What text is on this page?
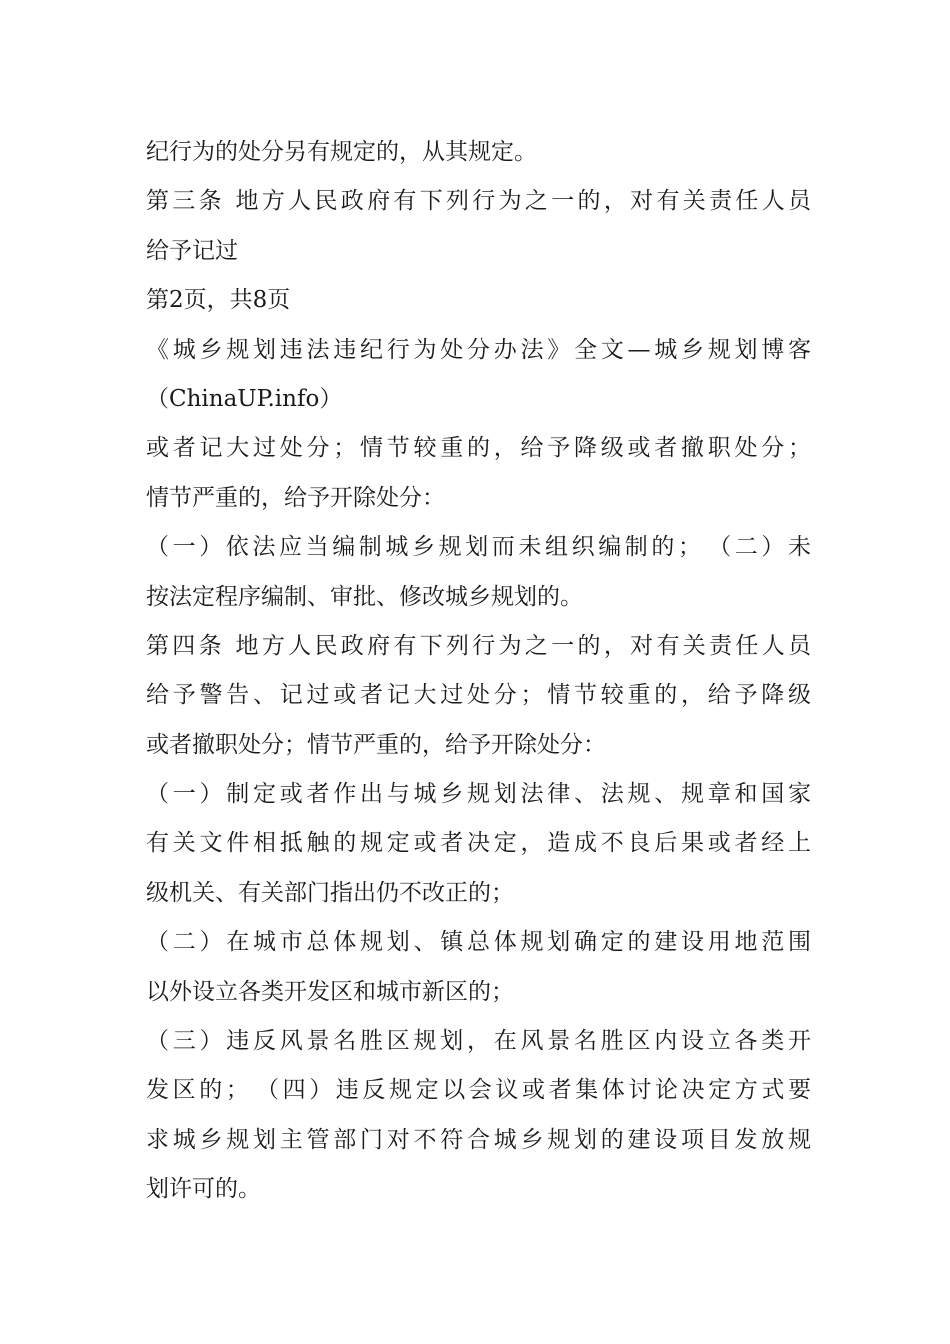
纪行为的处分另有规定的，从其规定。
第三条 地方人民政府有下列行为之一的，对有关责任人员
给予记过
第2页，共8页
《城乡规划违法违纪行为处分办法》全文—城乡规划博客
（ChinaUP.info）
或者记大过处分；情节较重的，给予降级或者撤职处分；
情节严重的，给予开除处分：
（一）依法应当编制城乡规划而未组织编制的；　（二）未
按法定程序编制、审批、修改城乡规划的。
第四条 地方人民政府有下列行为之一的，对有关责任人员
给予警告、记过或者记大过处分；情节较重的，给予降级
或者撤职处分；情节严重的，给予开除处分：
（一）制定或者作出与城乡规划法律、法规、规章和国家
有关文件相抵触的规定或者决定，造成不良后果或者经上
级机关、有关部门指出仍不改正的；
（二）在城市总体规划、镇总体规划确定的建设用地范围
以外设立各类开发区和城市新区的；
（三）违反风景名胜区规划，在风景名胜区内设立各类开
发区的；　（四）违反规定以会议或者集体讨论决定方式要
求城乡规划主管部门对不符合城乡规划的建设项目发放规
划许可的。
